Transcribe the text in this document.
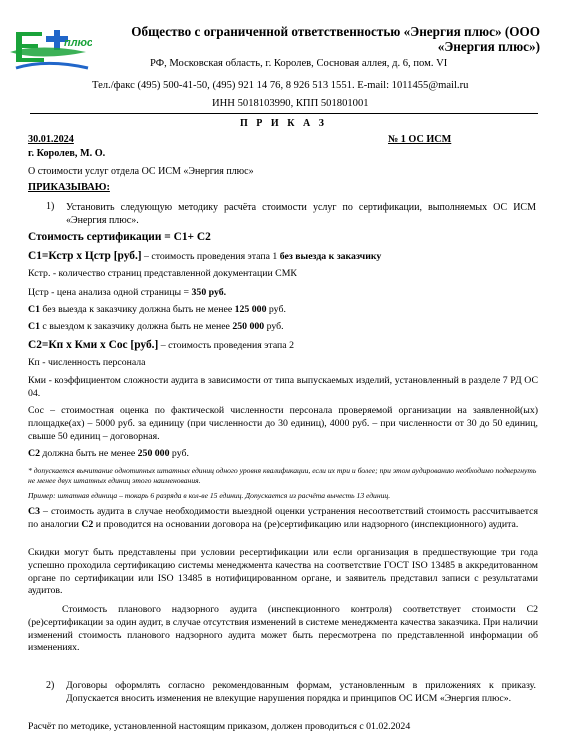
плюс
Общество с ограниченной ответственностью «Энергия плюс» (ООО
«Энергия плюс»)
РФ, Московская область, г. Королев, Сосновая аллея, д. 6, пом. VI
Тел./факс (495) 500-41-50, (495) 921 14 76, 8 926 513 1551. E-mail: 1011455@mail.ru
ИНН 5018103990, КПП 501801001
П Р И К А З
30.01.2024	№ 1 ОС ИСМ
г. Королев, М. О.
О стоимости услуг отдела ОС ИСМ «Энергия плюс»
ПРИКАЗЫВАЮ:
1) Установить следующую методику расчёта стоимости услуг по сертификации, выполняемых ОС ИСМ «Энергия плюс».
Стоимость сертификации = С1+ С2
С1=Кстр х Цстр [руб.] – стоимость проведения этапа 1 без выезда к заказчику
Кстр. - количество страниц представленной документации СМК
Цстр - цена анализа одной страницы = 350 руб.
С1 без выезда к заказчику должна быть не менее 125 000 руб.
С1 с выездом к заказчику должна быть не менее 250 000 руб.
С2=Кп х Кми х Сос [руб.] – стоимость проведения этапа 2
Кп - численность персонала
Кми - коэффициентом сложности аудита в зависимости от типа выпускаемых изделий, установленный в разделе 7 РД ОС 04.
Сос – стоимостная оценка по фактической численности персонала проверяемой организации на заявленной(ых) площадке(ах) – 5000 руб. за единицу (при численности до 30 единиц), 4000 руб. – при численности от 30 до 50 единиц, свыше 50 единиц – договорная.
С2 должна быть не менее 250 000 руб.
* допускается вычитание однотипных штатных единиц одного уровня квалификации, если их три и более; при этом аудированию необходимо подвергнуть не менее двух штатных единиц этого наименования.
Пример: штатная единица – токарь 6 разряда в кол-ве 15 единиц. Допускается из расчёта вычесть 13 единиц.
С3 – стоимость аудита в случае необходимости выездной оценки устранения несоответствий стоимость рассчитывается по аналогии С2 и проводится на основании договора на (ре)сертификацию или надзорного (инспекционного) аудита.
Скидки могут быть представлены при условии ресертификации или если организация в предшествующие три года успешно проходила сертификацию системы менеджмента качества на соответствие ГОСТ ISO 13485 в аккредитованном органе по сертификации или ISO 13485 в нотифицированном органе, и заявитель представил записи с результатами аудитов.
Стоимость планового надзорного аудита (инспекционного контроля) соответствует стоимости С2 (ре)сертификации за один аудит, в случае отсутствия изменений в системе менеджмента качества заказчика. При наличии изменений стоимость планового надзорного аудита может быть пересмотрена по представленной информации об изменениях.
2) Договоры оформлять согласно рекомендованным формам, установленным в приложениях к приказу. Допускается вносить изменения не влекущие нарушения порядка и принципов ОС ИСМ «Энергия плюс».
Расчёт по методике, установленной настоящим приказом, должен проводиться с 01.02.2024
